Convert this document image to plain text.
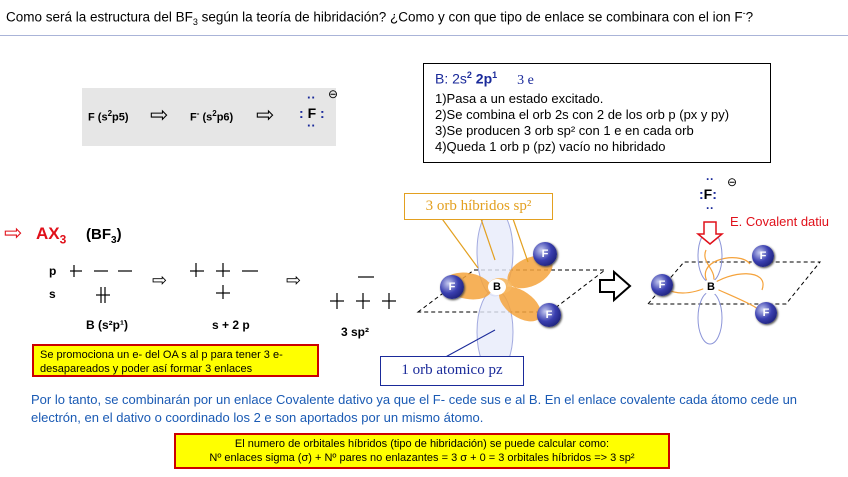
Como será la estructura del $BF_3$ según la teoría de hibridación? ¿Como y con que tipo de enlace se combinara con el ion F-?
F $(s^2p5)$ ⇨ F- $(s^2p6)$ ⇨
·· ⊖
: F :
··
B: $2s^2$ $2p^1$ 3 e
1)Pasa a un estado excitado.
2)Se combina el orb 2s con 2 de los orb p (px y py)
3)Se producen 3 orb sp² con 1 e en cada orb
4)Queda 1 orb p (pz) vacío no hibridado
⇨ $AX_3$ $(BF_3)$
p
s
⇨	⇨
B (s²p¹)	s + 2 p	3 sp²
Se promociona un e- del OA s al p para tener 3 e-
desapareados y poder así formar 3 enlaces
3 orb híbridos sp²
1 orb atomico pz
F
F
F
B	F
F
F
B
·· ⊖
:F:
··
E. Covalent datiu
Por lo tanto, se combinarán por un enlace Covalente dativo ya que el F- cede sus e al B. En el enlace covalente cada átomo cede un electrón, en el dativo o coordinado los 2 e son aportados por un mismo átomo.
El numero de orbitales híbridos (tipo de hibridación) se puede calcular como:
Nº enlaces sigma (σ) + Nº pares no enlazantes = 3 σ + 0 = 3 orbitales híbridos => 3 sp²
